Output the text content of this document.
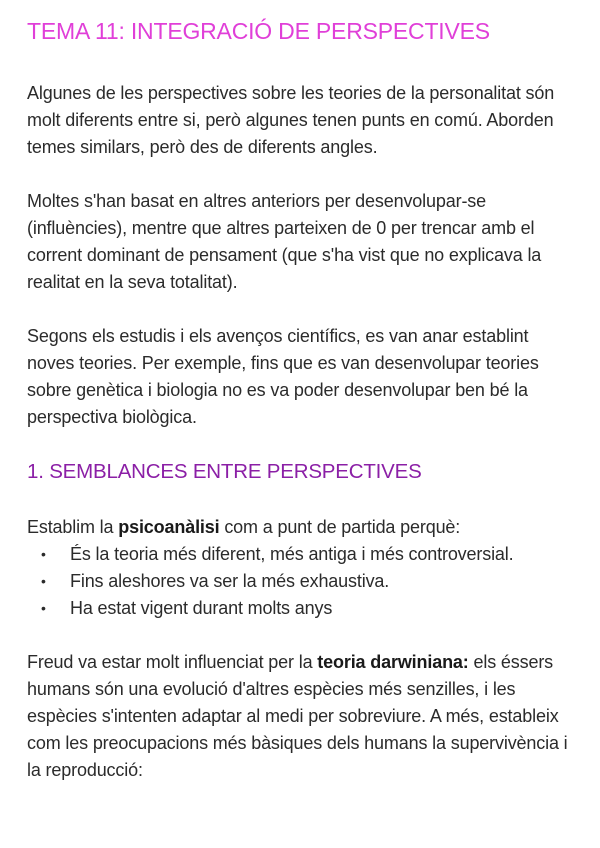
TEMA 11: INTEGRACIÓ DE PERSPECTIVES

Algunes de les perspectives sobre les teories de la personalitat són molt diferents entre si, però algunes tenen punts en comú. Aborden temes similars, però des de diferents angles.

Moltes s'han basat en altres anteriors per desenvolupar-se (influències), mentre que altres parteixen de 0 per trencar amb el corrent dominant de pensament (que s'ha vist que no explicava la realitat en la seva totalitat).

Segons els estudis i els avenços científics, es van anar establint noves teories. Per exemple, fins que es van desenvolupar teories sobre genètica i biologia no es va poder desenvolupar ben bé la perspectiva biològica.

1. SEMBLANCES ENTRE PERSPECTIVES

Establim la psicoanàlisi com a punt de partida perquè:

• És la teoria més diferent, més antiga i més controversial.
• Fins aleshores va ser la més exhaustiva.
• Ha estat vigent durant molts anys

Freud va estar molt influenciat per la teoria darwiniana: els éssers humans són una evolució d'altres espècies més senzilles, i les espècies s'intenten adaptar al medi per sobreviure. A més, estableix com les preocupacions més bàsiques dels humans la supervivència i la reproducció:
